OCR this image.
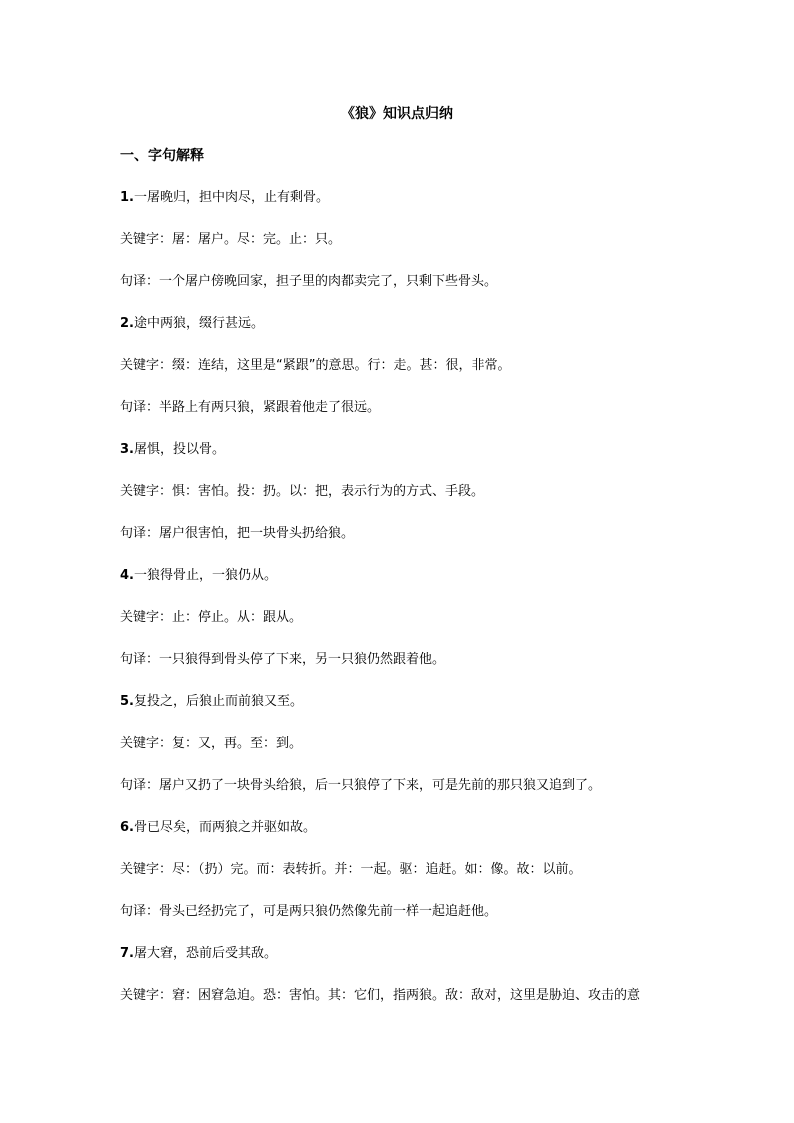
《狼》知识点归纳
一、字句解释
1.一屠晚归，担中肉尽，止有剩骨。
关键字：屠：屠户。尽：完。止：只。
句译：一个屠户傍晚回家，担子里的肉都卖完了，只剩下些骨头。
2.途中两狼，缀行甚远。
关键字：缀：连结，这里是“紧跟”的意思。行：走。甚：很，非常。
句译：半路上有两只狼，紧跟着他走了很远。
3.屠惧，投以骨。
关键字：惧：害怕。投：扔。以：把，表示行为的方式、手段。
句译：屠户很害怕，把一块骨头扔给狼。
4.一狼得骨止，一狼仍从。
关键字：止：停止。从：跟从。
句译：一只狼得到骨头停了下来，另一只狼仍然跟着他。
5.复投之，后狼止而前狼又至。
关键字：复：又，再。至：到。
句译：屠户又扔了一块骨头给狼，后一只狼停了下来，可是先前的那只狼又追到了。
6.骨已尽矣，而两狼之并驱如故。
关键字：尽：（扔）完。而：表转折。并：一起。驱：追赶。如：像。故：以前。
句译：骨头已经扔完了，可是两只狼仍然像先前一样一起追赶他。
7.屠大窘，恐前后受其敌。
关键字：窘：困窘急迫。恐：害怕。其：它们，指两狼。敌：敌对，这里是胁迫、攻击的意
